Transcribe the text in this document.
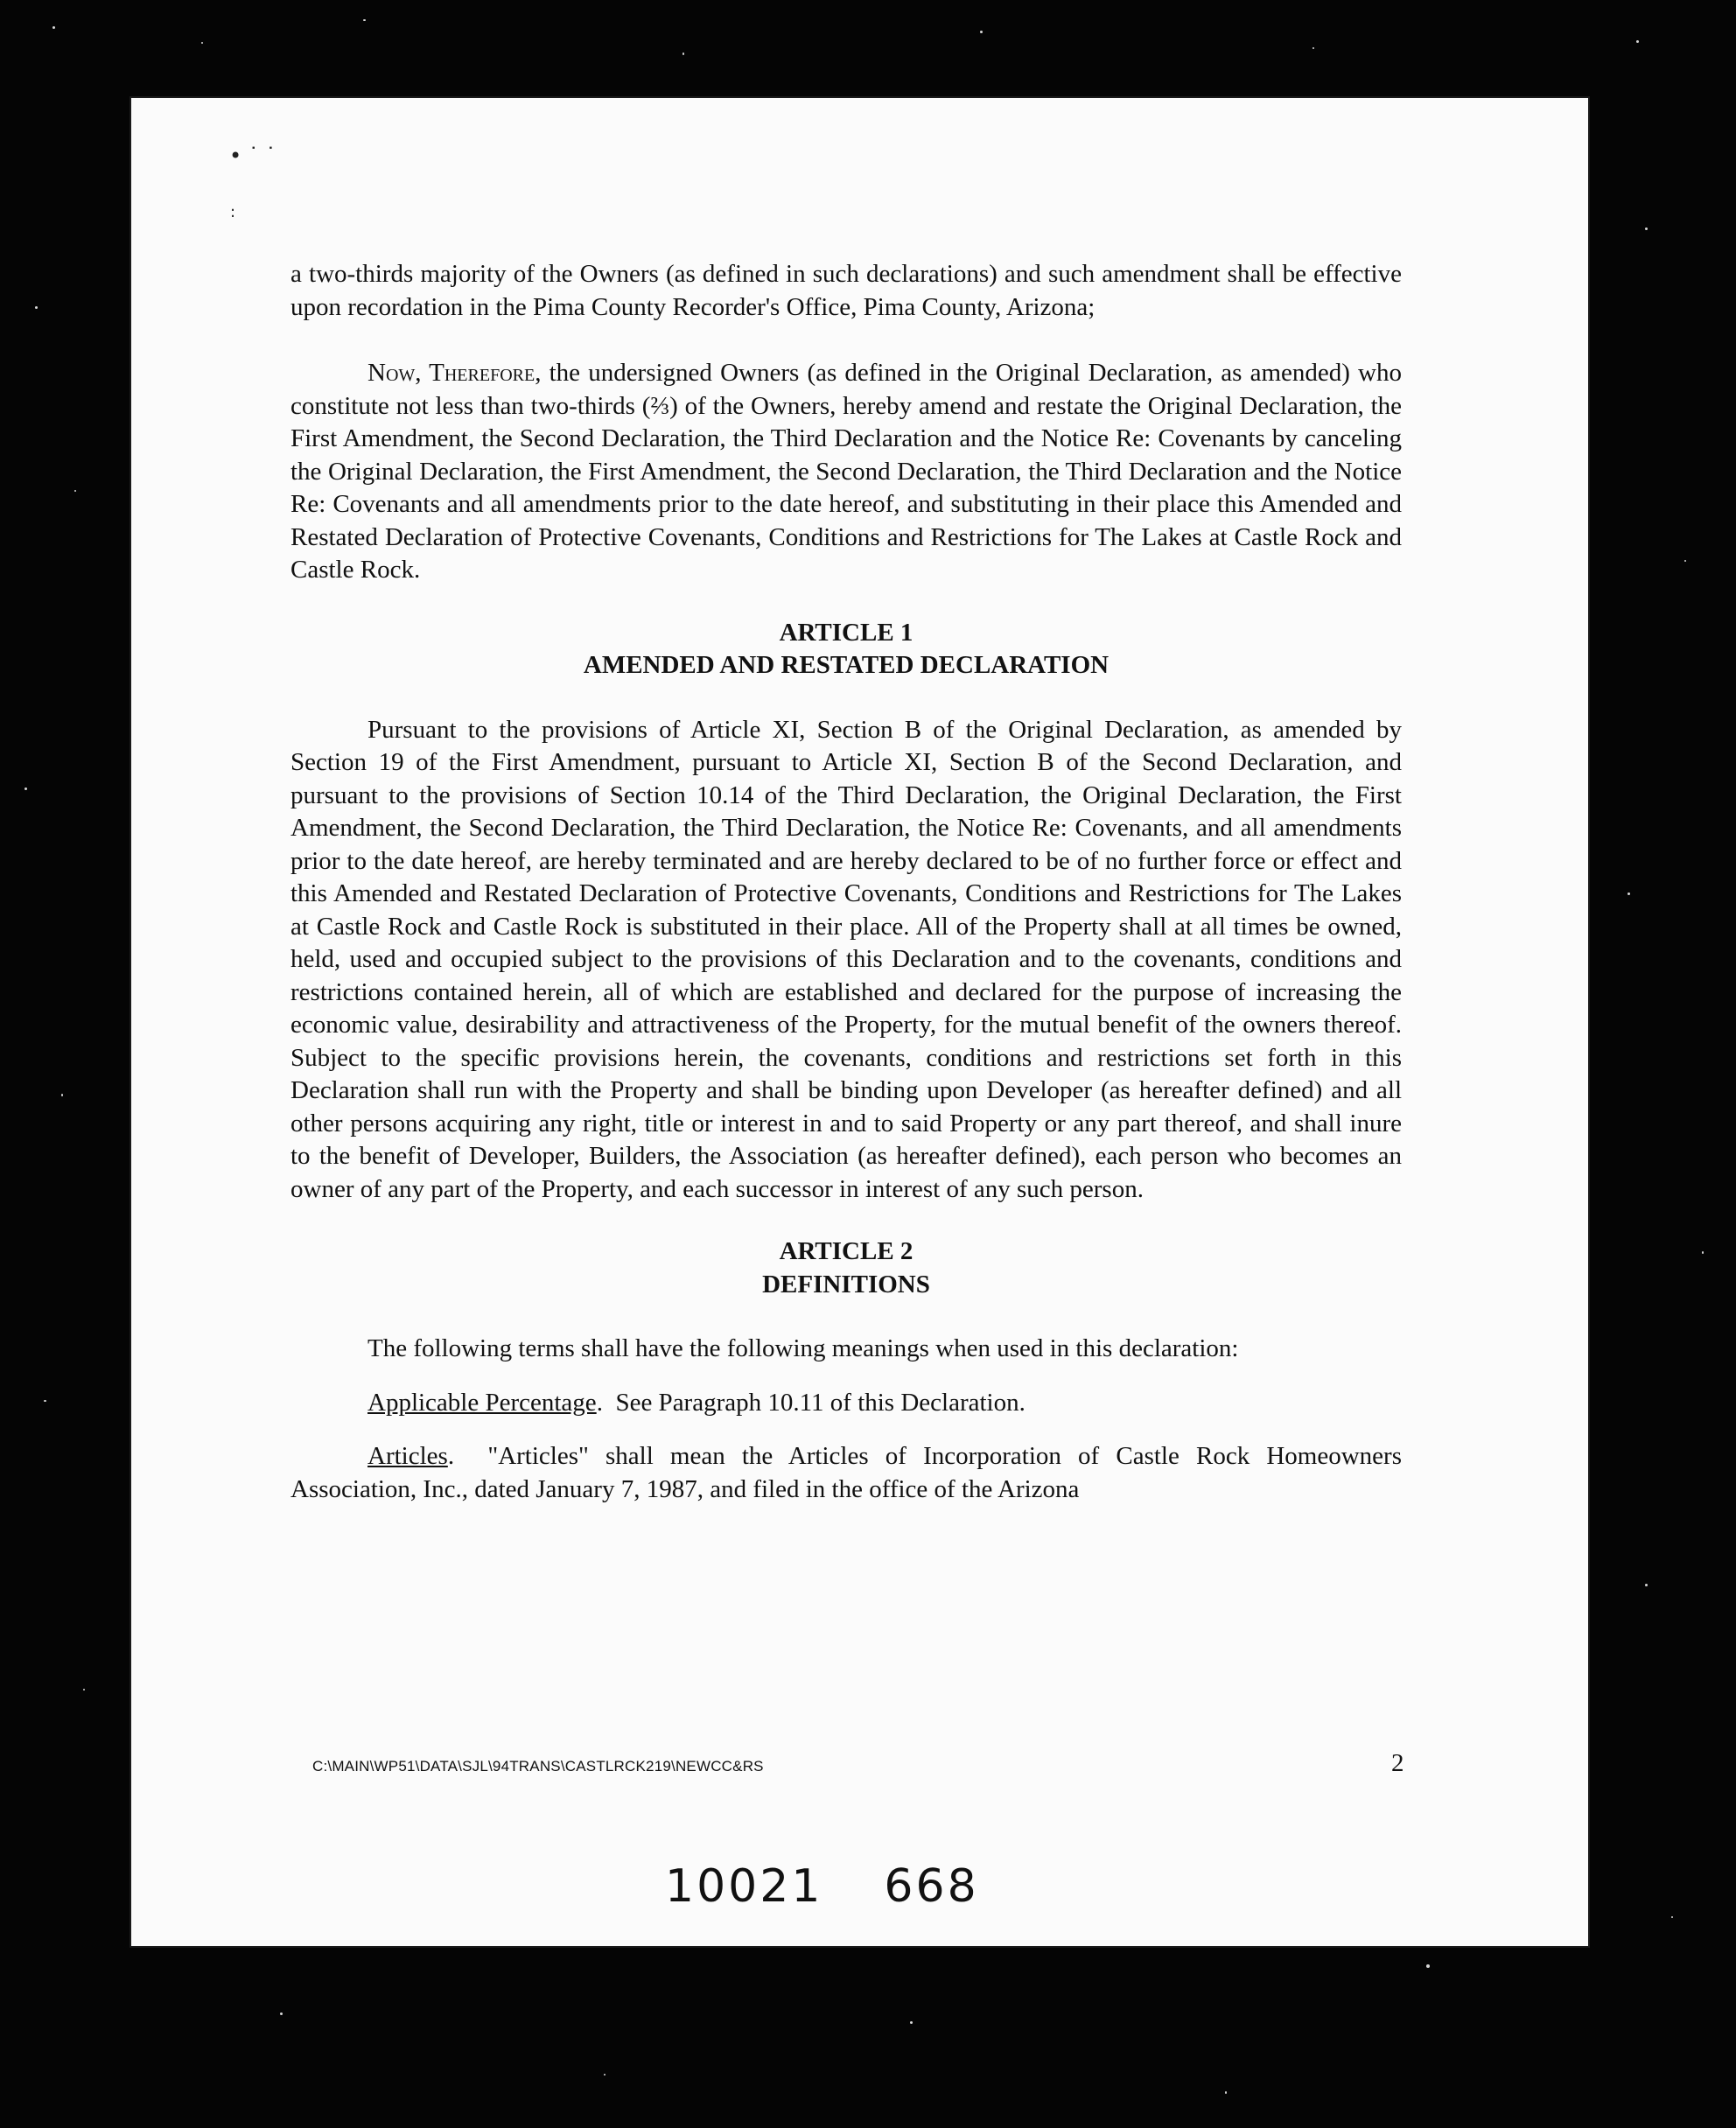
• ˙ ˙
:

a two-thirds majority of the Owners (as defined in such declarations) and such amendment shall be effective upon recordation in the Pima County Recorder's Office, Pima County, Arizona;

Now, Therefore, the undersigned Owners (as defined in the Original Declaration, as amended) who constitute not less than two-thirds (⅔) of the Owners, hereby amend and restate the Original Declaration, the First Amendment, the Second Declaration, the Third Declaration and the Notice Re: Covenants by canceling the Original Declaration, the First Amendment, the Second Declaration, the Third Declaration and the Notice Re: Covenants and all amendments prior to the date hereof, and substituting in their place this Amended and Restated Declaration of Protective Covenants, Conditions and Restrictions for The Lakes at Castle Rock and Castle Rock.

ARTICLE 1
AMENDED AND RESTATED DECLARATION

Pursuant to the provisions of Article XI, Section B of the Original Declaration, as amended by Section 19 of the First Amendment, pursuant to Article XI, Section B of the Second Declaration, and pursuant to the provisions of Section 10.14 of the Third Declaration, the Original Declaration, the First Amendment, the Second Declaration, the Third Declaration, the Notice Re: Covenants, and all amendments prior to the date hereof, are hereby terminated and are hereby declared to be of no further force or effect and this Amended and Restated Declaration of Protective Covenants, Conditions and Restrictions for The Lakes at Castle Rock and Castle Rock is substituted in their place. All of the Property shall at all times be owned, held, used and occupied subject to the provisions of this Declaration and to the covenants, conditions and restrictions contained herein, all of which are established and declared for the purpose of increasing the economic value, desirability and attractiveness of the Property, for the mutual benefit of the owners thereof. Subject to the specific provisions herein, the covenants, conditions and restrictions set forth in this Declaration shall run with the Property and shall be binding upon Developer (as hereafter defined) and all other persons acquiring any right, title or interest in and to said Property or any part thereof, and shall inure to the benefit of Developer, Builders, the Association (as hereafter defined), each person who becomes an owner of any part of the Property, and each successor in interest of any such person.

ARTICLE 2
DEFINITIONS

The following terms shall have the following meanings when used in this declaration:

Applicable Percentage.  See Paragraph 10.11 of this Declaration.

Articles.  "Articles" shall mean the Articles of Incorporation of Castle Rock Homeowners Association, Inc., dated January 7, 1987, and filed in the office of the Arizona

C:\MAIN\WP51\DATA\SJL\94TRANS\CASTLRCK219\NEWCC&RS	2
10021 668
